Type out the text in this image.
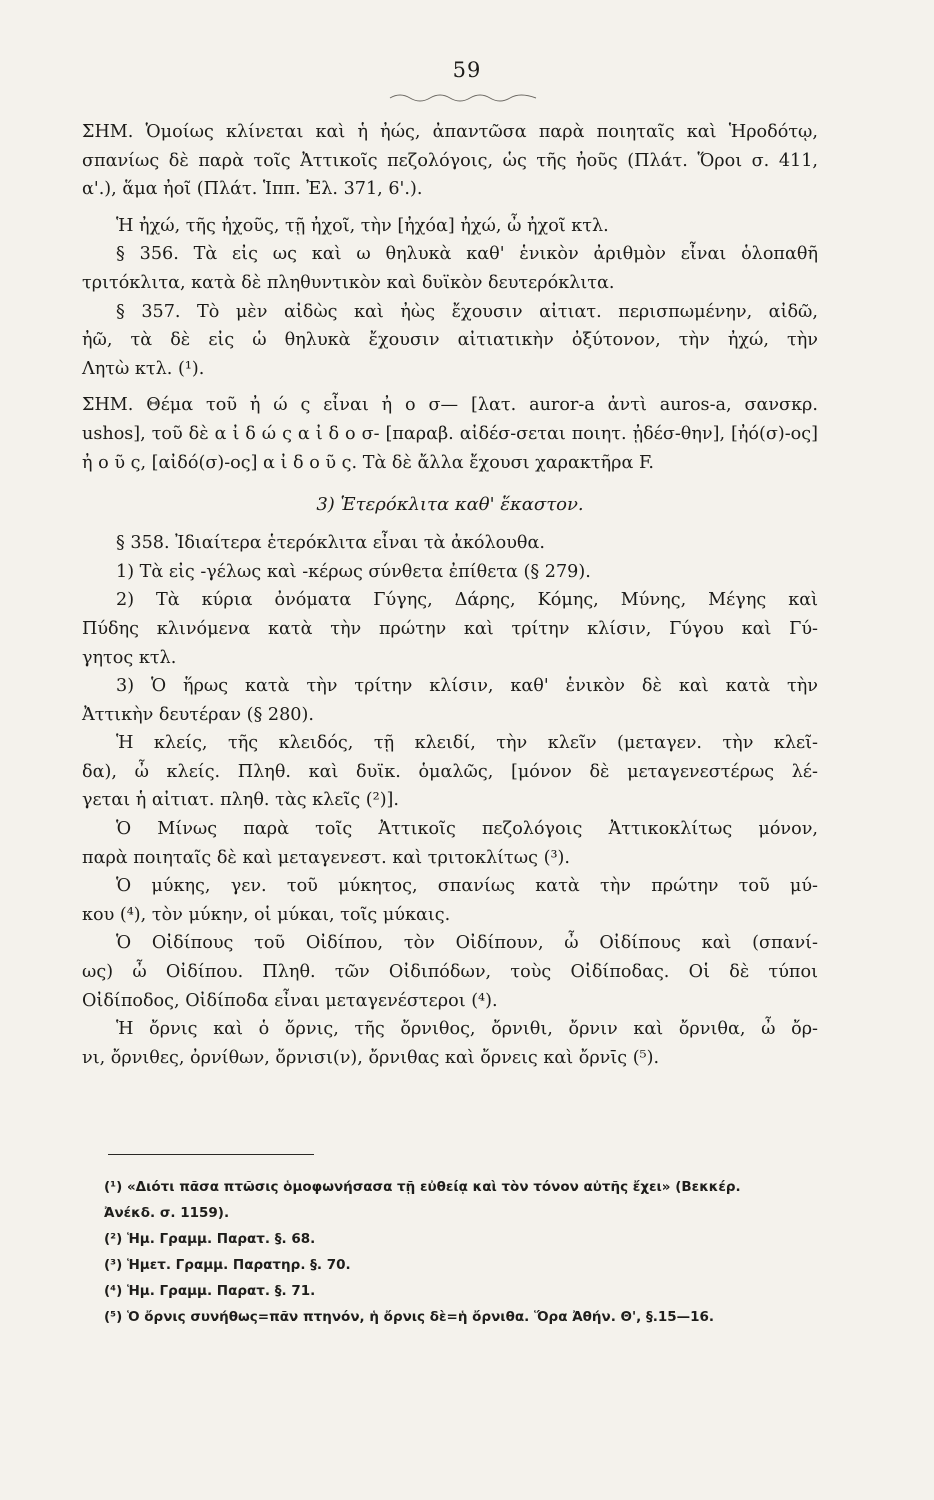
59
ΣΗΜ. Ὁμοίως κλίνεται καὶ ἡ ἠώς, ἀπαντῶσα παρὰ ποιηταῖς καὶ Ἡροδότῳ,
σπανίως δὲ παρὰ τοῖς Ἀττικοῖς πεζολόγοις, ὡς τῆς ἠοῦς (Πλάτ. Ὅροι σ. 411,
α'.), ἅμα ἠοῖ (Πλάτ. Ἱππ. Ἐλ. 371, 6'.).
Ἡ ἠχώ, τῆς ἠχοῦς, τῇ ἠχοῖ, τὴν [ἠχόα] ἠχώ, ὦ ἠχοῖ κτλ.
§ 356. Τὰ εἰς ως καὶ ω θηλυκὰ καθ' ἑνικὸν ἀριθμὸν εἶναι ὁλοπαθῆ
τριτόκλιτα, κατὰ δὲ πληθυντικὸν καὶ δυϊκὸν δευτερόκλιτα.
§ 357. Τὸ μὲν αἰδὼς καὶ ἠὼς ἔχουσιν αἰτιατ. περισπωμένην, αἰδῶ,
ἠῶ, τὰ δὲ εἰς ὡ θηλυκὰ ἔχουσιν αἰτιατικὴν ὀξύτονον, τὴν ἠχώ, τὴν
Λητὼ κτλ. (¹).
ΣΗΜ. Θέμα τοῦ ἠ ώ ς εἶναι ἠ ο σ— [λατ. auror-a ἀντὶ auros-a, σανσκρ.
ushos], τοῦ δὲ α ἰ δ ώ ς α ἰ δ ο σ- [παραβ. αἰδέσ-σεται ποιητ. ᾐδέσ-θην], [ἠό(σ)-ος]
ἠ ο ῦ ς, [αἰδό(σ)-ος] α ἰ δ ο ῦ ς. Τὰ δὲ ἄλλα ἔχουσι χαρακτῆρα F.
3) Ἑτερόκλιτα καθ' ἕκαστον.
§ 358. Ἰδιαίτερα ἑτερόκλιτα εἶναι τὰ ἀκόλουθα.
1) Τὰ εἰς -γέλως καὶ -κέρως σύνθετα ἐπίθετα (§ 279).
2) Τὰ κύρια ὀνόματα Γύγης, Δάρης, Κόμης, Μύνης, Μέγης καὶ
Πύδης κλινόμενα κατὰ τὴν πρώτην καὶ τρίτην κλίσιν, Γύγου καὶ Γύ-
γητος κτλ.
3) Ὁ ἥρως κατὰ τὴν τρίτην κλίσιν, καθ' ἑνικὸν δὲ καὶ κατὰ τὴν
Ἀττικὴν δευτέραν (§ 280).
Ἡ κλείς, τῆς κλειδός, τῇ κλειδί, τὴν κλεῖν (μεταγεν. τὴν κλεῖ-
δα), ὦ κλείς. Πληθ. καὶ δυϊκ. ὁμαλῶς, [μόνον δὲ μεταγενεστέρως λέ-
γεται ἡ αἰτιατ. πληθ. τὰς κλεῖς (²)].
Ὁ Μίνως παρὰ τοῖς Ἀττικοῖς πεζολόγοις Ἀττικοκλίτως μόνον,
παρὰ ποιηταῖς δὲ καὶ μεταγενεστ. καὶ τριτοκλίτως (³).
Ὁ μύκης, γεν. τοῦ μύκητος, σπανίως κατὰ τὴν πρώτην τοῦ μύ-
κου (⁴), τὸν μύκην, οἱ μύκαι, τοῖς μύκαις.
Ὁ Οἰδίπους τοῦ Οἰδίπου, τὸν Οἰδίπουν, ὦ Οἰδίπους καὶ (σπανί-
ως) ὦ Οἰδίπου. Πληθ. τῶν Οἰδιπόδων, τοὺς Οἰδίποδας. Οἱ δὲ τύποι
Οἰδίποδος, Οἰδίποδα εἶναι μεταγενέστεροι (⁴).
Ἡ ὄρνις καὶ ὁ ὄρνις, τῆς ὄρνιθος, ὄρνιθι, ὄρνιν καὶ ὄρνιθα, ὦ ὄρ-
νι, ὄρνιθες, ὀρνίθων, ὄρνισι(ν), ὄρνιθας καὶ ὄρνεις καὶ ὄρνῑς (⁵).
(¹) «Διότι πᾶσα πτῶσις ὁμοφωνήσασα τῇ εὐθείᾳ καὶ τὸν τόνον αὐτῆς ἔχει» (Βεκκέρ.
Ἀνέκδ. σ. 1159).
(²) Ἡμ. Γραμμ. Παρατ. §. 68.
(³) Ἡμετ. Γραμμ. Παρατηρ. §. 70.
(⁴) Ἡμ. Γραμμ. Παρατ. §. 71.
(⁵) Ὁ ὄρνις συνήθως=πᾶν πτηνόν, ἡ ὄρνις δὲ=ἡ ὄρνιθα. Ὅρα Ἀθήν. Θ', §.15—16.
